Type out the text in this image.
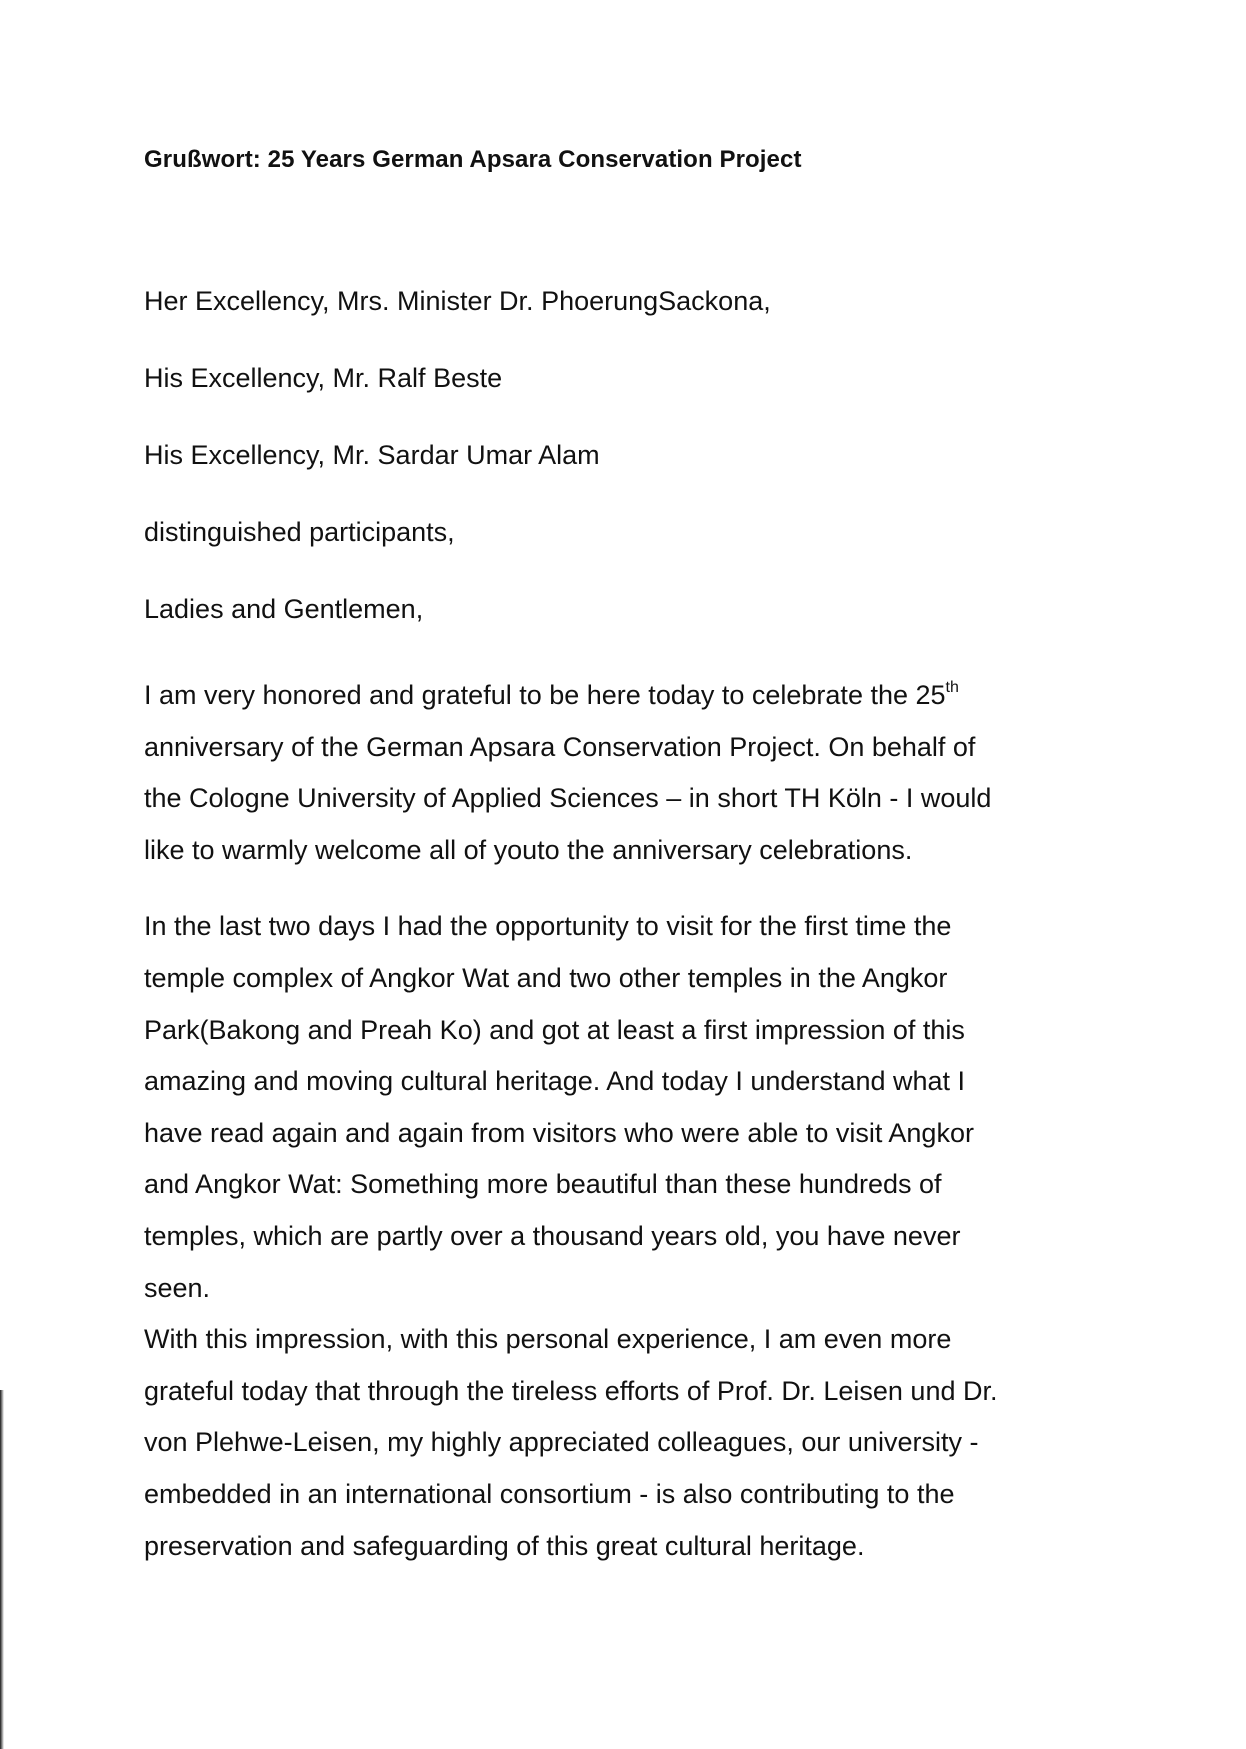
Grußwort: 25 Years German Apsara Conservation Project
Her Excellency, Mrs. Minister Dr. PhoerungSackona,
His Excellency, Mr. Ralf Beste
His Excellency, Mr. Sardar Umar Alam
distinguished participants,
Ladies and Gentlemen,

I am very honored and grateful to be here today to celebrate the 25th
anniversary of the German Apsara Conservation Project. On behalf of
the Cologne University of Applied Sciences – in short TH Köln - I would
like to warmly welcome all of youto the anniversary celebrations.

In the last two days I had the opportunity to visit for the first time the
temple complex of Angkor Wat and two other temples in the Angkor
Park(Bakong and Preah Ko) and got at least a first impression of this
amazing and moving cultural heritage. And today I understand what I
have read again and again from visitors who were able to visit Angkor
and Angkor Wat: Something more beautiful than these hundreds of
temples, which are partly over a thousand years old, you have never
seen.

With this impression, with this personal experience, I am even more
grateful today that through the tireless efforts of Prof. Dr. Leisen und Dr.
von Plehwe-Leisen, my highly appreciated colleagues, our university -
embedded in an international consortium - is also contributing to the
preservation and safeguarding of this great cultural heritage.
